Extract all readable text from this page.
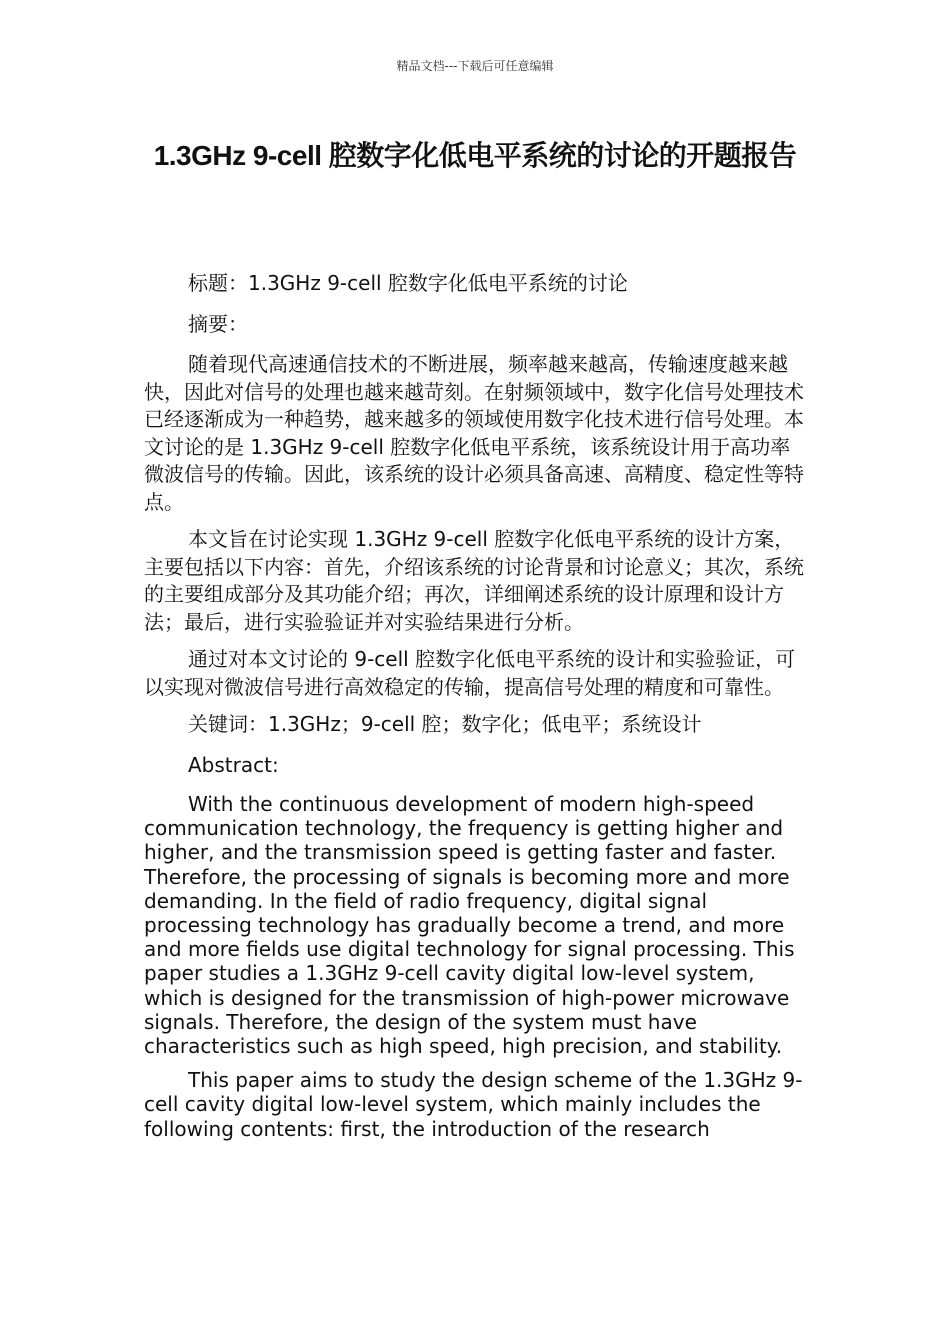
精品文档---下载后可任意编辑
1.3GHz 9-cell 腔数字化低电平系统的讨论的开题报告

标题：1.3GHz 9-cell 腔数字化低电平系统的讨论

摘要：

随着现代高速通信技术的不断进展，频率越来越高，传输速度越来越快，因此对信号的处理也越来越苛刻。在射频领域中，数字化信号处理技术已经逐渐成为一种趋势，越来越多的领域使用数字化技术进行信号处理。本文讨论的是 1.3GHz 9-cell 腔数字化低电平系统，该系统设计用于高功率微波信号的传输。因此，该系统的设计必须具备高速、高精度、稳定性等特点。

本文旨在讨论实现 1.3GHz 9-cell 腔数字化低电平系统的设计方案，主要包括以下内容：首先，介绍该系统的讨论背景和讨论意义；其次，系统的主要组成部分及其功能介绍；再次，详细阐述系统的设计原理和设计方法；最后，进行实验验证并对实验结果进行分析。

通过对本文讨论的 9-cell 腔数字化低电平系统的设计和实验验证，可以实现对微波信号进行高效稳定的传输，提高信号处理的精度和可靠性。

关键词：1.3GHz；9-cell 腔；数字化；低电平；系统设计

Abstract:

With the continuous development of modern high-speed communication technology, the frequency is getting higher and higher, and the transmission speed is getting faster and faster. Therefore, the processing of signals is becoming more and more demanding. In the field of radio frequency, digital signal processing technology has gradually become a trend, and more and more fields use digital technology for signal processing. This paper studies a 1.3GHz 9-cell cavity digital low-level system, which is designed for the transmission of high-power microwave signals. Therefore, the design of the system must have characteristics such as high speed, high precision, and stability.

This paper aims to study the design scheme of the 1.3GHz 9-cell cavity digital low-level system, which mainly includes the following contents: first, the introduction of the research
